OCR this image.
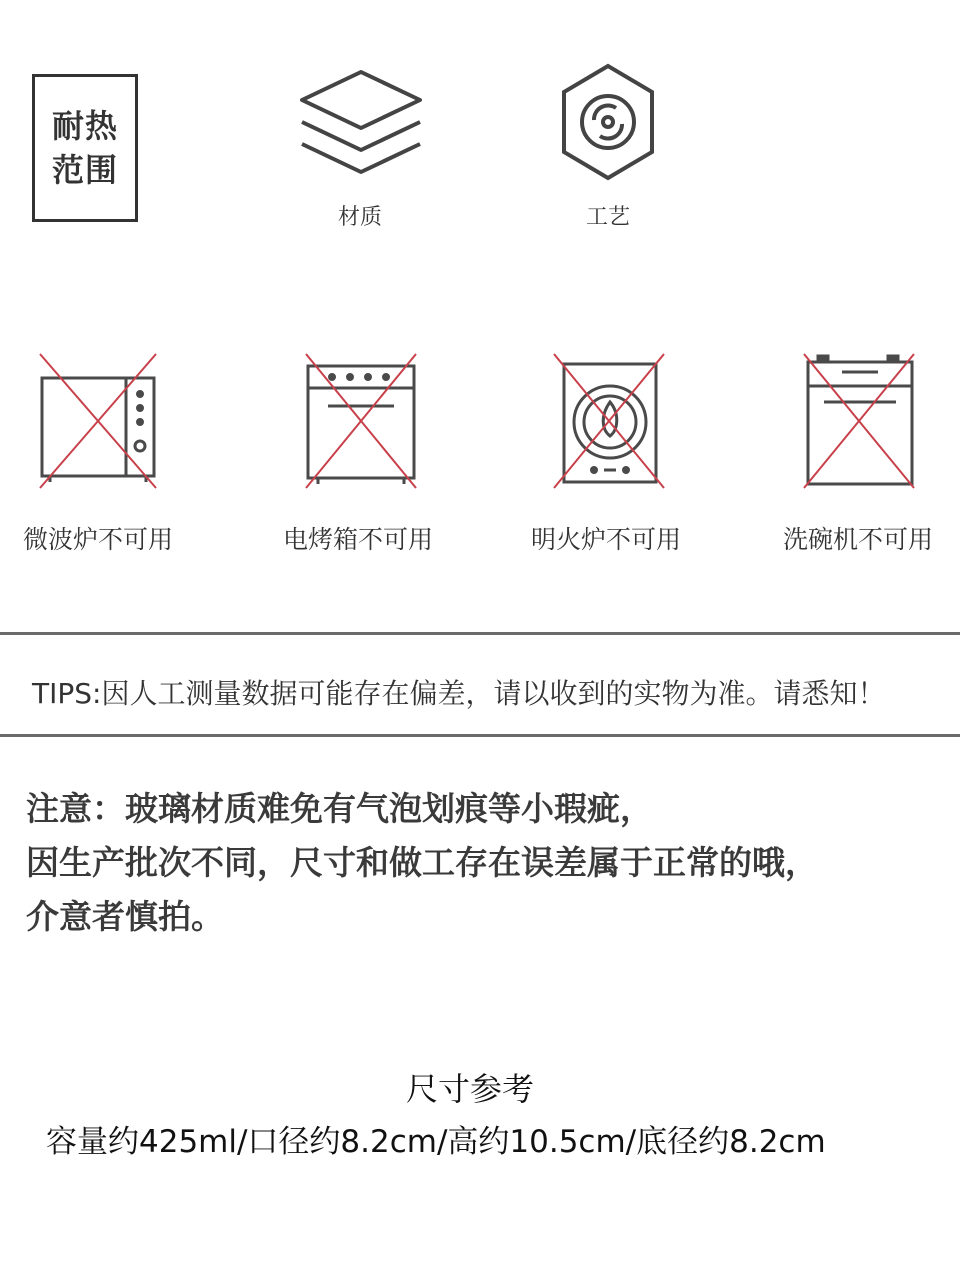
耐热
范围
材质	工艺
微波炉不可用	电烤箱不可用	明火炉不可用	洗碗机不可用
TIPS:因人工测量数据可能存在偏差，请以收到的实物为准。请悉知！
注意：玻璃材质难免有气泡划痕等小瑕疵，
因生产批次不同，尺寸和做工存在误差属于正常的哦，
介意者慎拍。
尺寸参考
容量约425ml/口径约8.2cm/高约10.5cm/底径约8.2cm
